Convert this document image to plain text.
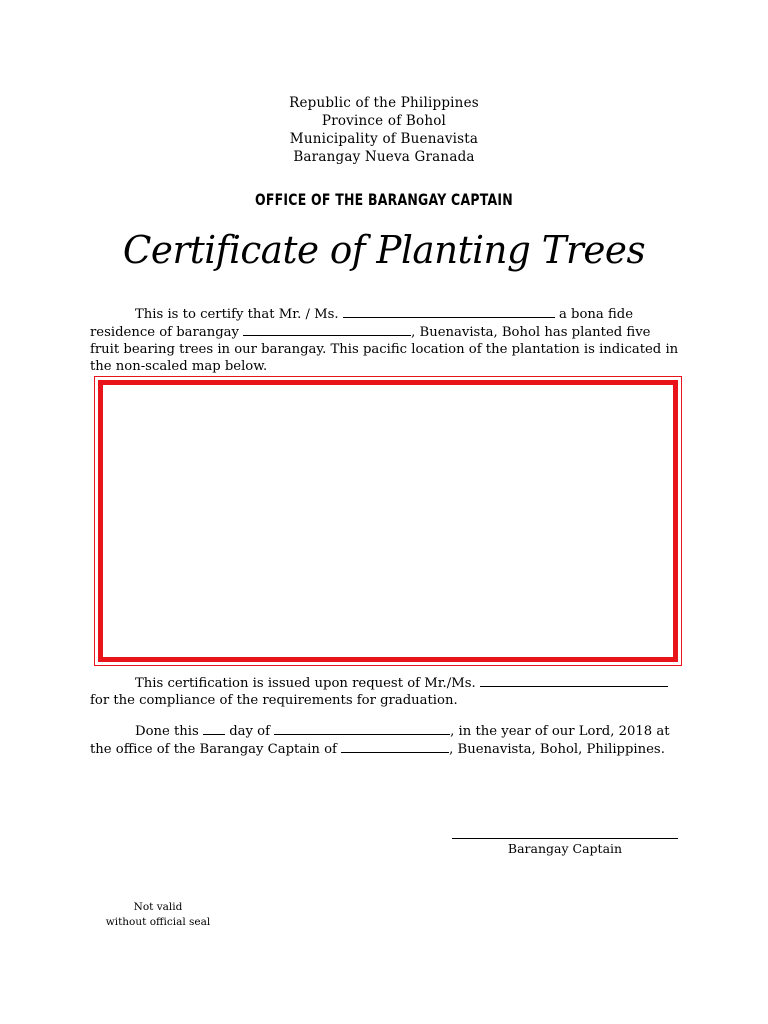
Republic of the Philippines
Province of Bohol
Municipality of Buenavista
Barangay Nueva Granada
OFFICE OF THE BARANGAY CAPTAIN
Certificate of Planting Trees
This is to certify that Mr. / Ms.	a bona fide residence of barangay	, Buenavista, Bohol has planted five fruit bearing trees in our barangay. This pacific location of the plantation is indicated in the non-scaled map below.
This certification is issued upon request of Mr./Ms.  for the compliance of the requirements for graduation.
Done this day of	, in the year of our Lord, 2018 at the office of the Barangay Captain of	, Buenavista, Bohol, Philippines.
Barangay Captain
Not valid
without official seal
